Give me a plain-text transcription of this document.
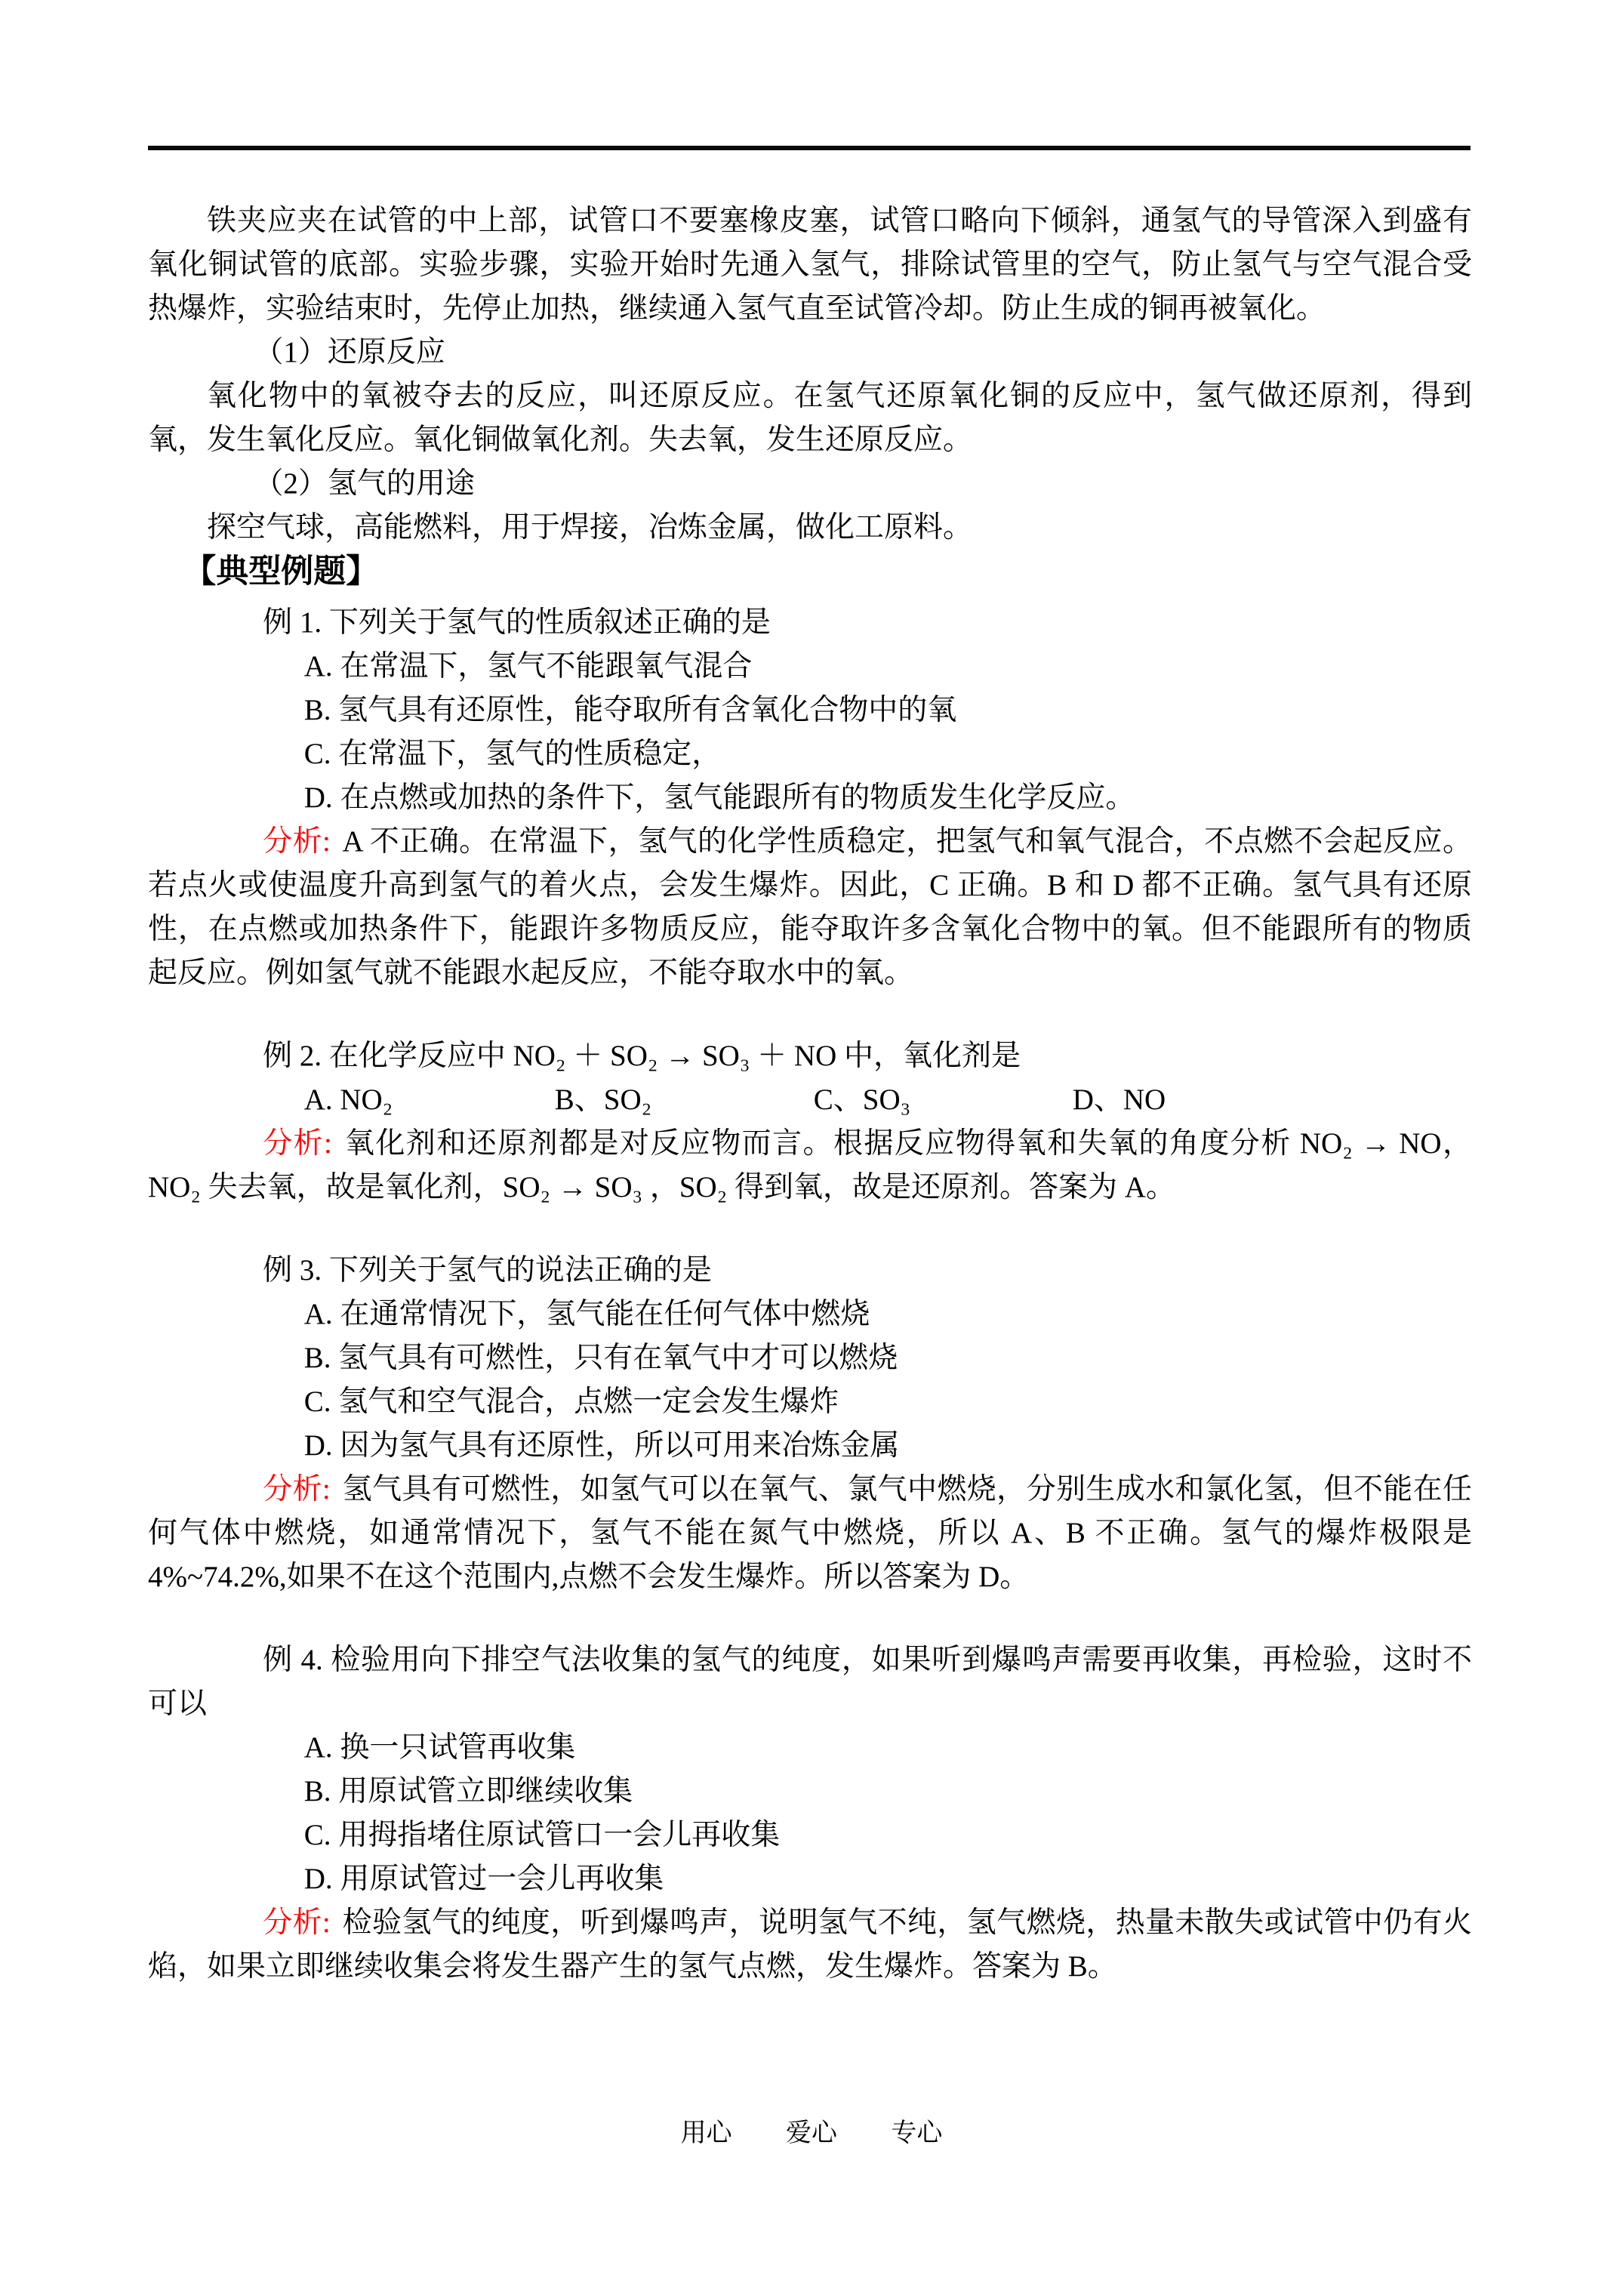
铁夹应夹在试管的中上部，试管口不要塞橡皮塞，试管口略向下倾斜，通氢气的导管深入到盛有氧化铜试管的底部。实验步骤，实验开始时先通入氢气，排除试管里的空气，防止氢气与空气混合受热爆炸，实验结束时，先停止加热，继续通入氢气直至试管冷却。防止生成的铜再被氧化。

（1）还原反应

氧化物中的氧被夺去的反应，叫还原反应。在氢气还原氧化铜的反应中，氢气做还原剂，得到氧，发生氧化反应。氧化铜做氧化剂。失去氧，发生还原反应。

（2）氢气的用途

探空气球，高能燃料，用于焊接，冶炼金属，做化工原料。

【典型例题】

例 1. 下列关于氢气的性质叙述正确的是

A. 在常温下，氢气不能跟氧气混合

B. 氢气具有还原性，能夺取所有含氧化合物中的氧

C. 在常温下，氢气的性质稳定，

D. 在点燃或加热的条件下，氢气能跟所有的物质发生化学反应。

分析: A 不正确。在常温下，氢气的化学性质稳定，把氢气和氧气混合，不点燃不会起反应。若点火或使温度升高到氢气的着火点，会发生爆炸。因此，C 正确。B 和 D 都不正确。氢气具有还原性，在点燃或加热条件下，能跟许多物质反应，能夺取许多含氧化合物中的氧。但不能跟所有的物质起反应。例如氢气就不能跟水起反应，不能夺取水中的氧。

例 2. 在化学反应中 NO₂ ＋ SO₂ → SO₃ ＋ NO 中，氧化剂是

A. NO₂	B、SO₂	C、SO₃	D、NO

分析: 氧化剂和还原剂都是对反应物而言。根据反应物得氧和失氧的角度分析 NO₂ → NO，NO₂ 失去氧，故是氧化剂，SO₂ → SO₃ ，SO₂ 得到氧，故是还原剂。答案为 A。

例 3. 下列关于氢气的说法正确的是

A. 在通常情况下，氢气能在任何气体中燃烧

B. 氢气具有可燃性，只有在氧气中才可以燃烧

C. 氢气和空气混合，点燃一定会发生爆炸

D. 因为氢气具有还原性，所以可用来冶炼金属

分析: 氢气具有可燃性，如氢气可以在氧气、氯气中燃烧，分别生成水和氯化氢，但不能在任何气体中燃烧，如通常情况下，氢气不能在氮气中燃烧，所以 A、B 不正确。氢气的爆炸极限是 4%~74.2%,如果不在这个范围内,点燃不会发生爆炸。所以答案为 D。

例 4. 检验用向下排空气法收集的氢气的纯度，如果听到爆鸣声需要再收集，再检验，这时不可以

A. 换一只试管再收集

B. 用原试管立即继续收集

C. 用拇指堵住原试管口一会儿再收集

D. 用原试管过一会儿再收集

分析: 检验氢气的纯度，听到爆鸣声，说明氢气不纯，氢气燃烧，热量未散失或试管中仍有火焰，如果立即继续收集会将发生器产生的氢气点燃，发生爆炸。答案为 B。

用心 爱心 专心
